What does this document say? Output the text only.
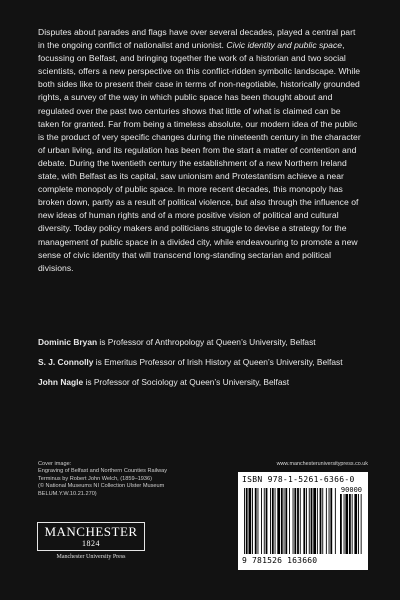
Disputes about parades and flags have over several decades, played a central part in the ongoing conflict of nationalist and unionist. Civic identity and public space, focussing on Belfast, and bringing together the work of a historian and two social scientists, offers a new perspective on this conflict-ridden symbolic landscape. While both sides like to present their case in terms of non-negotiable, historically grounded rights, a survey of the way in which public space has been thought about and regulated over the past two centuries shows that little of what is claimed can be taken for granted. Far from being a timeless absolute, our modern idea of the public is the product of very specific changes during the nineteenth century in the character of urban living, and its regulation has been from the start a matter of contention and debate. During the twentieth century the establishment of a new Northern Ireland state, with Belfast as its capital, saw unionism and Protestantism achieve a near complete monopoly of public space. In more recent decades, this monopoly has broken down, partly as a result of political violence, but also through the influence of new ideas of human rights and of a more positive vision of political and cultural diversity. Today policy makers and politicians struggle to devise a strategy for the management of public space in a divided city, while endeavouring to promote a new sense of civic identity that will transcend long-standing sectarian and political divisions.

Dominic Bryan is Professor of Anthropology at Queen’s University, Belfast

S. J. Connolly is Emeritus Professor of Irish History at Queen’s University, Belfast

John Nagle is Professor of Sociology at Queen’s University, Belfast

Cover image:
Engraving of Belfast and Northern Counties Railway
Terminus by Robert John Welch, (1859–1936)
(© National Museums NI Collection Ulster Museum
BELUM.Y.W.10.21.270)
MANCHESTER
1824
Manchester University Press
www.manchesteruniversitypress.co.uk
ISBN 978-1-5261-6366-0
90000
9 781526 163660
